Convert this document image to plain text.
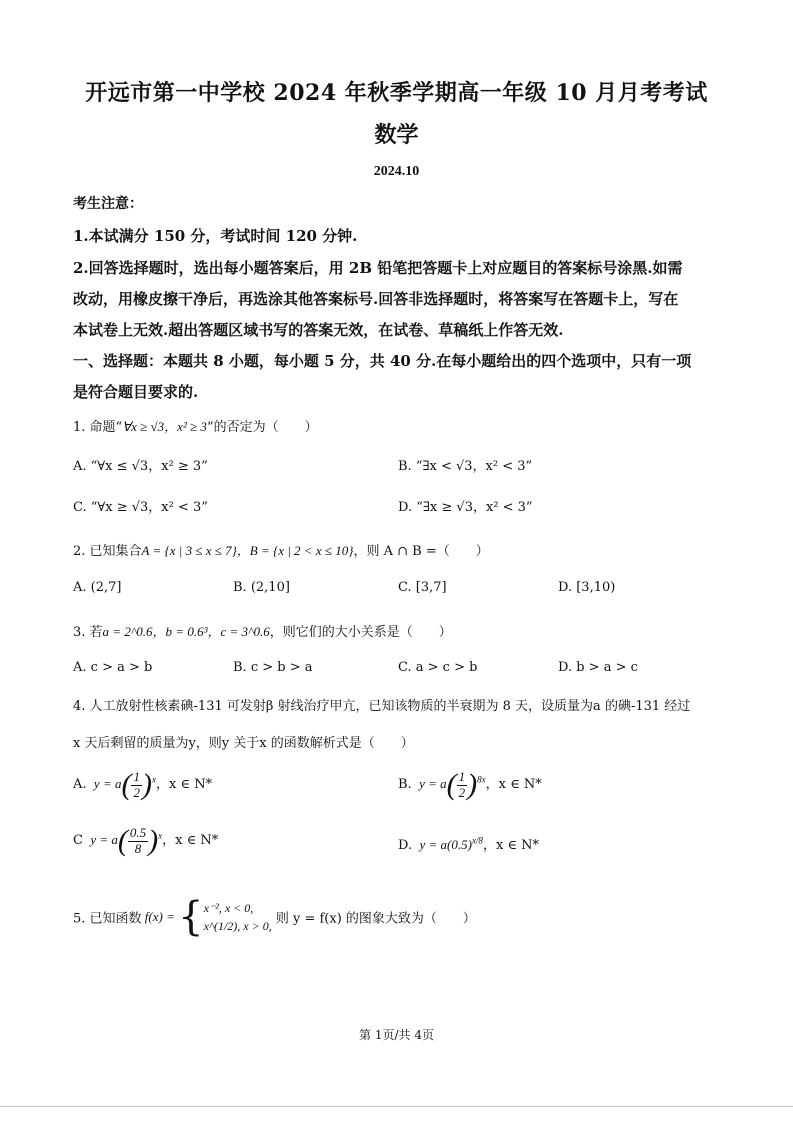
开远市第一中学校 2024 年秋季学期高一年级 10 月月考考试
数学
2024.10
考生注意：
1.本试满分 150 分，考试时间 120 分钟.
2.回答选择题时，选出每小题答案后，用 2B 铅笔把答题卡上对应题目的答案标号涂黑.如需
改动，用橡皮擦干净后，再选涂其他答案标号.回答非选择题时，将答案写在答题卡上，写在
本试卷上无效.超出答题区域书写的答案无效，在试卷、草稿纸上作答无效.
一、选择题：本题共 8 小题，每小题 5 分，共 40 分.在每小题给出的四个选项中，只有一项
是符合题目要求的.
1. 命题“∀x ≥ √3，x² ≥ 3”的否定为（　　）
A. “∀x ≤ √3，x² ≥ 3”	B. “∃x < √3，x² < 3”
C. “∀x ≥ √3，x² < 3”	D. “∃x ≥ √3，x² < 3”
2. 已知集合A = {x | 3 ≤ x ≤ 7}，B = {x | 2 < x ≤ 10}，则 A ∩ B =（　　）
A. (2,7]	B. (2,10]	C. [3,7]	D. [3,10)
3. 若a = 2^0.6，b = 0.6³，c = 3^0.6，则它们的大小关系是（　　）
A. c > a > b	B. c > b > a	C. a > c > b	D. b > a > c
4. 人工放射性核素碘-131 可发射β 射线治疗甲亢，已知该物质的半衰期为 8 天，设质量为a 的碘-131 经过
x 天后剩留的质量为y，则y 关于x 的函数解析式是（　　）
A.  $y = a( \frac{1}{2} )^x$，x ∈ N*	B.  $y = a( \frac{1}{2} )^{8x}$，x ∈ N*
C  $y = a( \frac{0.5}{8} )^x$，x ∈ N*	D.  $y = a(0.5)^{x/8}$，x ∈ N*
5. 已知函数 f(x) = { x⁻², x < 0,
x^(1/2), x > 0, 则 y = f(x) 的图象大致为（　　）
第 1页/共 4页
